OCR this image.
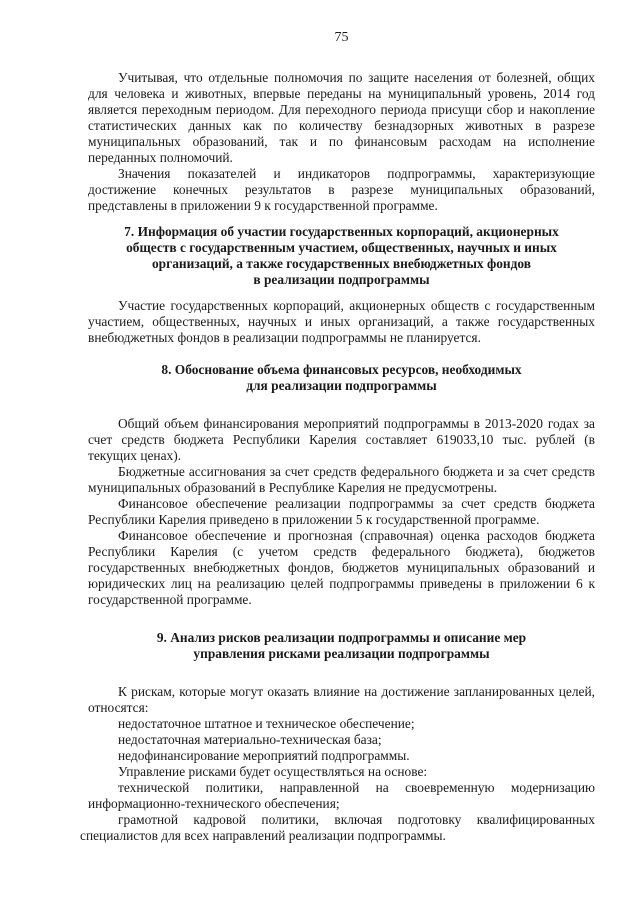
75

Учитывая, что отдельные полномочия по защите населения от болезней, общих для человека и животных, впервые переданы на муниципальный уровень, 2014 год является переходным периодом. Для переходного периода присущи сбор и накопление статистических данных как по количеству безнадзорных животных в разрезе муниципальных образований, так и по финансовым расходам на исполнение переданных полномочий.

Значения показателей и индикаторов подпрограммы, характеризующие достижение конечных результатов в разрезе муниципальных образований, представлены в приложении 9 к государственной программе.

7. Информация об участии государственных корпораций, акционерных
обществ с государственным участием, общественных, научных и иных
организаций, а также государственных внебюджетных фондов
в реализации подпрограммы

Участие государственных корпораций, акционерных обществ с государственным участием, общественных, научных и иных организаций, а также государственных внебюджетных фондов в реализации подпрограммы не планируется.

8. Обоснование объема финансовых ресурсов, необходимых
для реализации подпрограммы

Общий объем финансирования мероприятий подпрограммы в 2013-2020 годах за счет средств бюджета Республики Карелия составляет 619033,10 тыс. рублей (в текущих ценах).

Бюджетные ассигнования за счет средств федерального бюджета и за счет средств муниципальных образований в Республике Карелия не предусмотрены.

Финансовое обеспечение реализации подпрограммы за счет средств бюджета Республики Карелия приведено в приложении 5 к государственной программе.

Финансовое обеспечение и прогнозная (справочная) оценка расходов бюджета Республики Карелия (с учетом средств федерального бюджета), бюджетов государственных внебюджетных фондов, бюджетов муниципальных образований и юридических лиц на реализацию целей подпрограммы приведены в приложении 6 к государственной программе.

9. Анализ рисков реализации подпрограммы и описание мер
управления рисками реализации подпрограммы

К рискам, которые могут оказать влияние на достижение запланированных целей, относятся:

недостаточное штатное и техническое обеспечение;

недостаточная материально-техническая база;

недофинансирование мероприятий подпрограммы.

Управление рисками будет осуществляться на основе:

технической политики, направленной на своевременную модернизацию информационно-технического обеспечения;

грамотной кадровой политики, включая подготовку квалифицированных специалистов для всех направлений реализации подпрограммы.
